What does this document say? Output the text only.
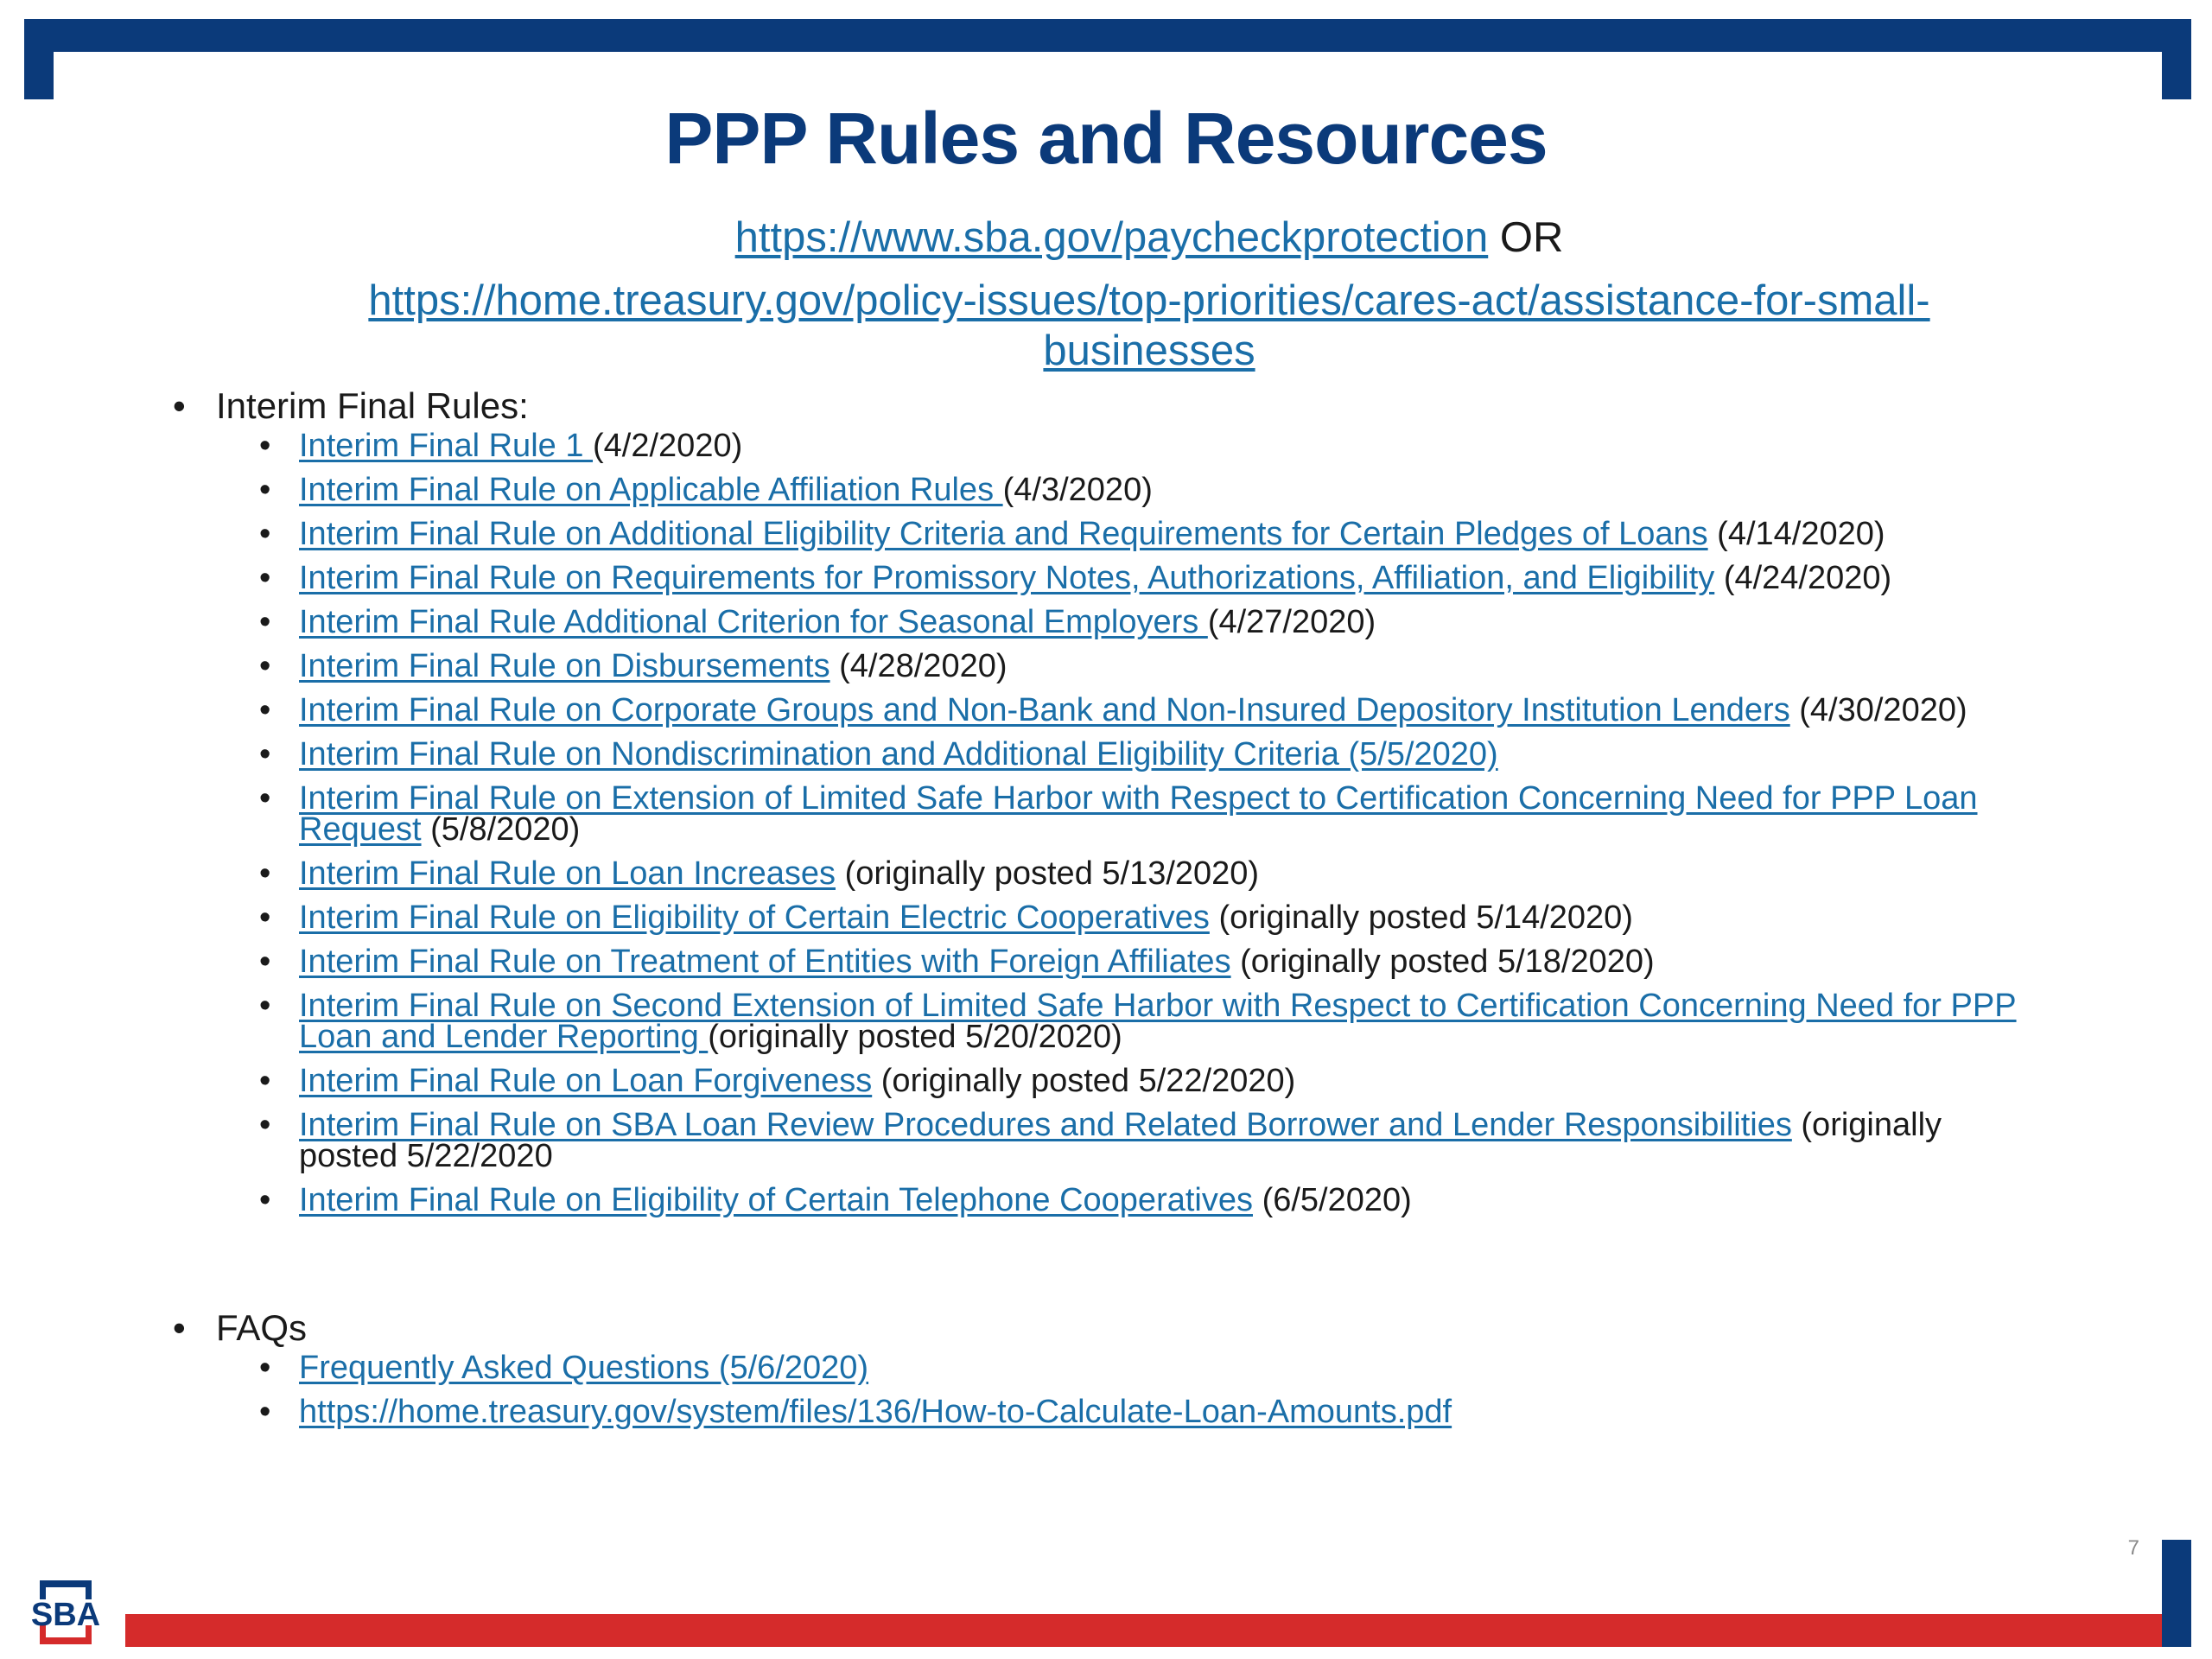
SBA
7
PPP Rules and Resources

https://www.sba.gov/paycheckprotection OR

https://home.treasury.gov/policy-issues/top-priorities/cares-act/assistance-for-small-businesses

• Interim Final Rules:
• Interim Final Rule 1 (4/2/2020)
• Interim Final Rule on Applicable Affiliation Rules (4/3/2020)
• Interim Final Rule on Additional Eligibility Criteria and Requirements for Certain Pledges of Loans (4/14/2020)
• Interim Final Rule on Requirements for Promissory Notes, Authorizations, Affiliation, and Eligibility (4/24/2020)
• Interim Final Rule Additional Criterion for Seasonal Employers (4/27/2020)
• Interim Final Rule on Disbursements (4/28/2020)
• Interim Final Rule on Corporate Groups and Non-Bank and Non-Insured Depository Institution Lenders (4/30/2020)
• Interim Final Rule on Nondiscrimination and Additional Eligibility Criteria (5/5/2020)
• Interim Final Rule on Extension of Limited Safe Harbor with Respect to Certification Concerning Need for PPP Loan Request (5/8/2020)
• Interim Final Rule on Loan Increases (originally posted 5/13/2020)
• Interim Final Rule on Eligibility of Certain Electric Cooperatives (originally posted 5/14/2020)
• Interim Final Rule on Treatment of Entities with Foreign Affiliates (originally posted 5/18/2020)
• Interim Final Rule on Second Extension of Limited Safe Harbor with Respect to Certification Concerning Need for PPP Loan and Lender Reporting (originally posted 5/20/2020)
• Interim Final Rule on Loan Forgiveness (originally posted 5/22/2020)
• Interim Final Rule on SBA Loan Review Procedures and Related Borrower and Lender Responsibilities (originally posted 5/22/2020
• Interim Final Rule on Eligibility of Certain Telephone Cooperatives (6/5/2020)
• FAQs
• Frequently Asked Questions (5/6/2020)
• https://home.treasury.gov/system/files/136/How-to-Calculate-Loan-Amounts.pdf
